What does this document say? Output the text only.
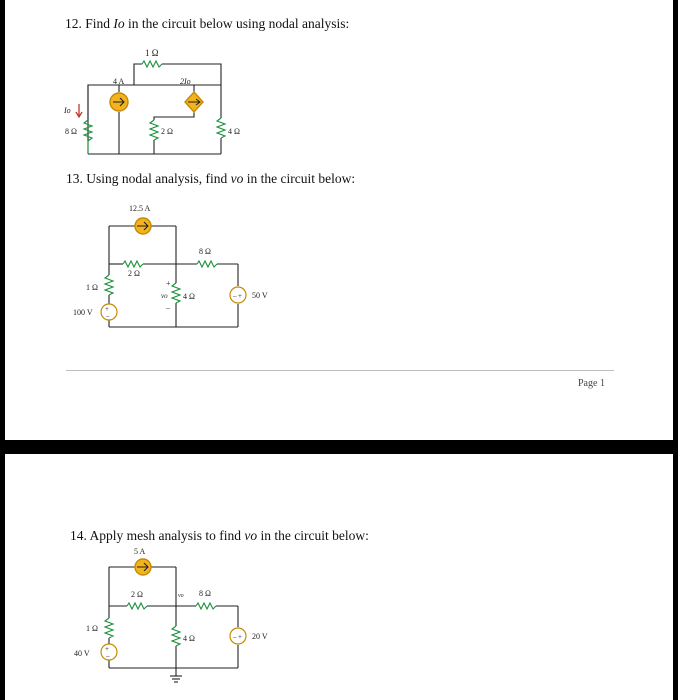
12. Find Io in the circuit below using nodal analysis:

13. Using nodal analysis, find vo in the circuit below:

14. Apply mesh analysis to find vo in the circuit below:

Page 1
1 Ω
4 A	2Io
8 Ω
Io
2 Ω	4 Ω
12.5 A
2 Ω
8 Ω
1 Ω
4 Ω
+
vo
–
+
–
100 V
– + 50 V
5 A
2 Ω	vo 8 Ω
1 Ω
4 Ω
+
–
40 V
– + 20 V
